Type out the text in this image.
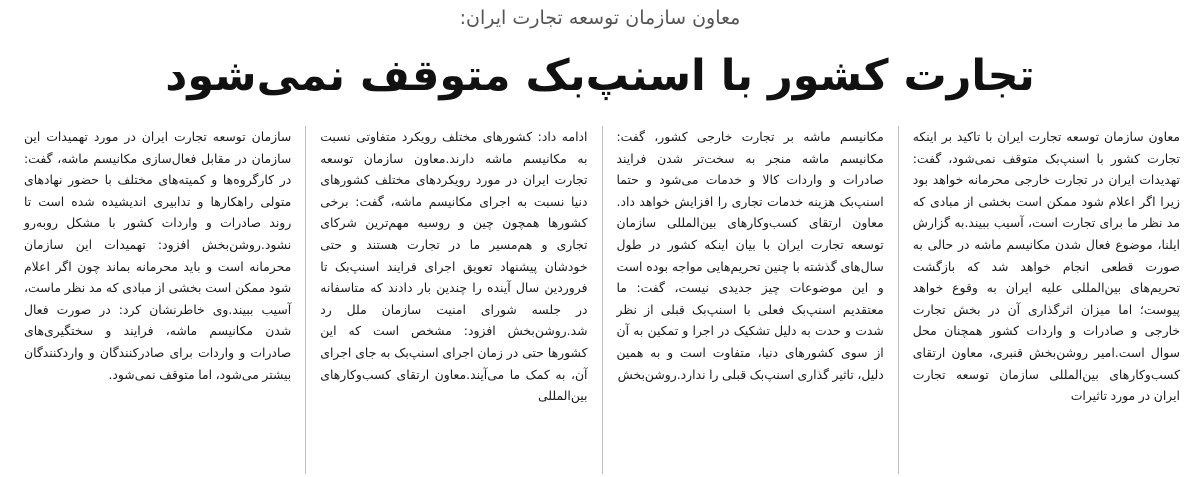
معاون سازمان توسعه تجارت ایران:
تجارت کشور با اسنپ‌بک متوقف نمی‌شود

معاون سازمان توسعه تجارت ایران با تاکید بر اینکه تجارت کشور با اسنپ‌بک متوقف نمی‌شود، گفت: تهدیدات ایران در تجارت خارجی محرمانه خواهد بود زیرا اگر اعلام شود ممکن است بخشی از مبادی که مد نظر ما برای تجارت است، آسیب ببیند.به گزارش ایلنا، موضوع فعال شدن مکانیسم ماشه در حالی به صورت قطعی انجام خواهد شد که بازگشت تحریم‌های بین‌المللی علیه ایران به وقوع خواهد پیوست؛ اما میزان اثرگذاری آن در بخش تجارت خارجی و صادرات و واردات کشور همچنان محل سوال است.امیر روشن‌بخش قنبری، معاون ارتقای کسب‌وکارهای بین‌المللی سازمان توسعه تجارت ایران در مورد تاثیرات

مکانیسم ماشه بر تجارت خارجی کشور، گفت: مکانیسم ماشه منجر به سخت‌تر شدن فرایند صادرات و واردات کالا و خدمات می‌شود و حتما اسنپ‌بک هزینه خدمات تجاری را افزایش خواهد داد. معاون ارتقای کسب‌وکارهای بین‌المللی سازمان توسعه تجارت ایران با بیان اینکه کشور در طول سال‌های گذشته با چنین تحریم‌هایی مواجه بوده است و این موضوعات چیز جدیدی نیست، گفت: ما معتقدیم اسنپ‌بک فعلی با اسنپ‌بک قبلی از نظر شدت و حدت به دلیل تشکیک در اجرا و تمکین به آن از سوی کشورهای دنیا، متفاوت است و به همین دلیل، تاثیر گذاری اسنپ‌بک قبلی را ندارد.روشن‌بخش

ادامه داد: کشورهای مختلف رویکرد متفاوتی نسبت به مکانیسم ماشه دارند.معاون سازمان توسعه تجارت ایران در مورد رویکردهای مختلف کشورهای دنیا نسبت به اجرای مکانیسم ماشه، گفت: برخی کشورها همچون چین و روسیه مهم‌ترین شرکای تجاری و هم‌مسیر ما در تجارت هستند و حتی خودشان پیشنهاد تعویق اجرای فرایند اسنپ‌بک تا فروردین سال آینده را چندین بار دادند که متاسفانه در جلسه شورای امنیت سازمان ملل رد شد.روشن‌بخش افزود: مشخص است که این کشورها حتی در زمان اجرای اسنپ‌بک به جای اجرای آن، به کمک ما می‌آیند.معاون ارتقای کسب‌وکارهای بین‌المللی

سازمان توسعه تجارت ایران در مورد تهمیدات این سازمان در مقابل فعال‌سازی مکانیسم ماشه، گفت: در کارگروه‌ها و کمیته‌های مختلف با حضور نهادهای متولی راهکارها و تدابیری اندیشیده شده است تا روند صادرات و واردات کشور با مشکل روبه‌رو نشود.روشن‌بخش افزود: تهمیدات این سازمان محرمانه است و باید محرمانه بماند چون اگر اعلام شود ممکن است بخشی از مبادی که مد نظر ماست، آسیب ببیند.وی خاطرنشان کرد: در صورت فعال شدن مکانیسم ماشه، فرایند و سختگیری‌های صادرات و واردات برای صادرکنندگان و واردکنندگان بیشتر می‌شود، اما متوقف نمی‌شود.
